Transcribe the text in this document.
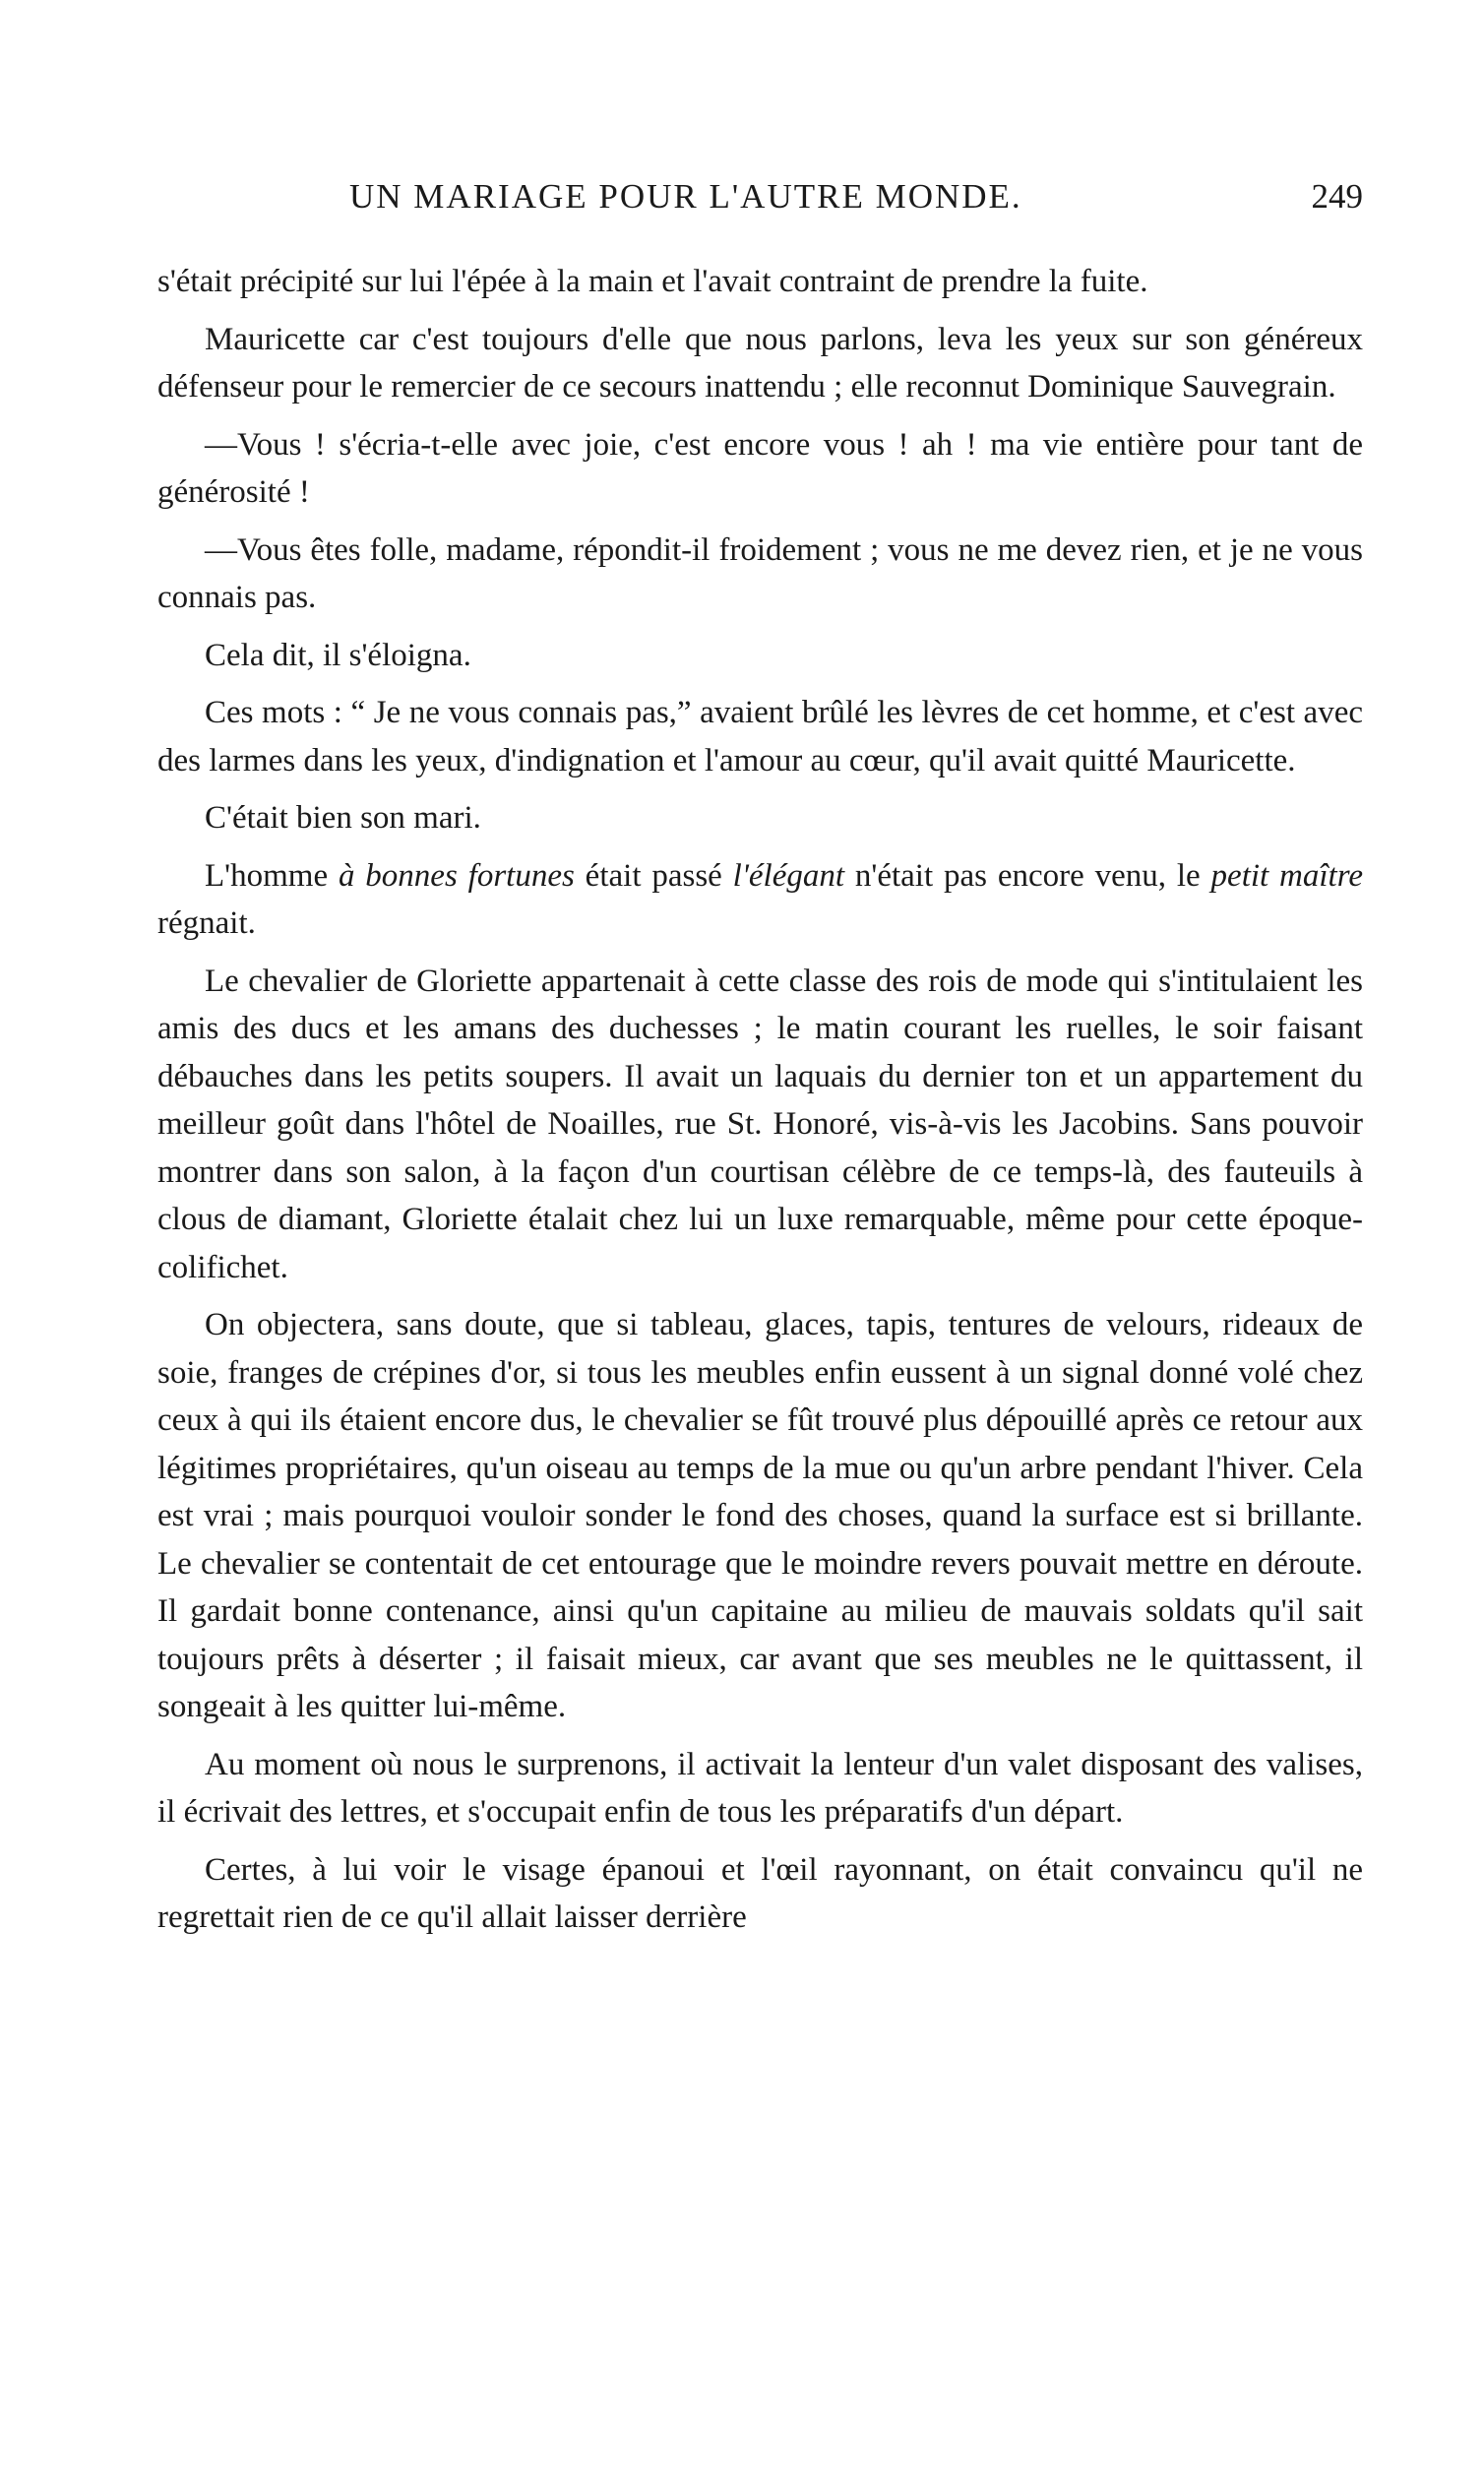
UN MARIAGE POUR L'AUTRE MONDE.	249

s'était précipité sur lui l'épée à la main et l'avait contraint de prendre la fuite.

Mauricette car c'est toujours d'elle que nous parlons, leva les yeux sur son généreux défenseur pour le remercier de ce secours inattendu ; elle reconnut Dominique Sauvegrain.

—Vous ! s'écria-t-elle avec joie, c'est encore vous ! ah ! ma vie entière pour tant de générosité !

—Vous êtes folle, madame, répondit-il froidement ; vous ne me devez rien, et je ne vous connais pas.

Cela dit, il s'éloigna.

Ces mots : “ Je ne vous connais pas,” avaient brûlé les lèvres de cet homme, et c'est avec des larmes dans les yeux, d'indignation et l'amour au cœur, qu'il avait quitté Mauricette.

C'était bien son mari.

L'homme à bonnes fortunes était passé l'élégant n'était pas encore venu, le petit maître régnait.

Le chevalier de Gloriette appartenait à cette classe des rois de mode qui s'intitulaient les amis des ducs et les amans des duchesses ; le matin courant les ruelles, le soir faisant débauches dans les petits soupers. Il avait un laquais du dernier ton et un appartement du meilleur goût dans l'hôtel de Noailles, rue St. Honoré, vis-à-vis les Jacobins. Sans pouvoir montrer dans son salon, à la façon d'un courtisan célèbre de ce temps-là, des fauteuils à clous de diamant, Gloriette étalait chez lui un luxe remarquable, même pour cette époque-colifichet.

On objectera, sans doute, que si tableau, glaces, tapis, tentures de velours, rideaux de soie, franges de crépines d'or, si tous les meubles enfin eussent à un signal donné volé chez ceux à qui ils étaient encore dus, le chevalier se fût trouvé plus dépouillé après ce retour aux légitimes propriétaires, qu'un oiseau au temps de la mue ou qu'un arbre pendant l'hiver. Cela est vrai ; mais pourquoi vouloir sonder le fond des choses, quand la surface est si brillante. Le chevalier se contentait de cet entourage que le moindre revers pouvait mettre en déroute. Il gardait bonne contenance, ainsi qu'un capitaine au milieu de mauvais soldats qu'il sait toujours prêts à déserter ; il faisait mieux, car avant que ses meubles ne le quittassent, il songeait à les quitter lui-même.

Au moment où nous le surprenons, il activait la lenteur d'un valet disposant des valises, il écrivait des lettres, et s'occupait enfin de tous les préparatifs d'un départ.

Certes, à lui voir le visage épanoui et l'œil rayonnant, on était convaincu qu'il ne regrettait rien de ce qu'il allait laisser derrière
